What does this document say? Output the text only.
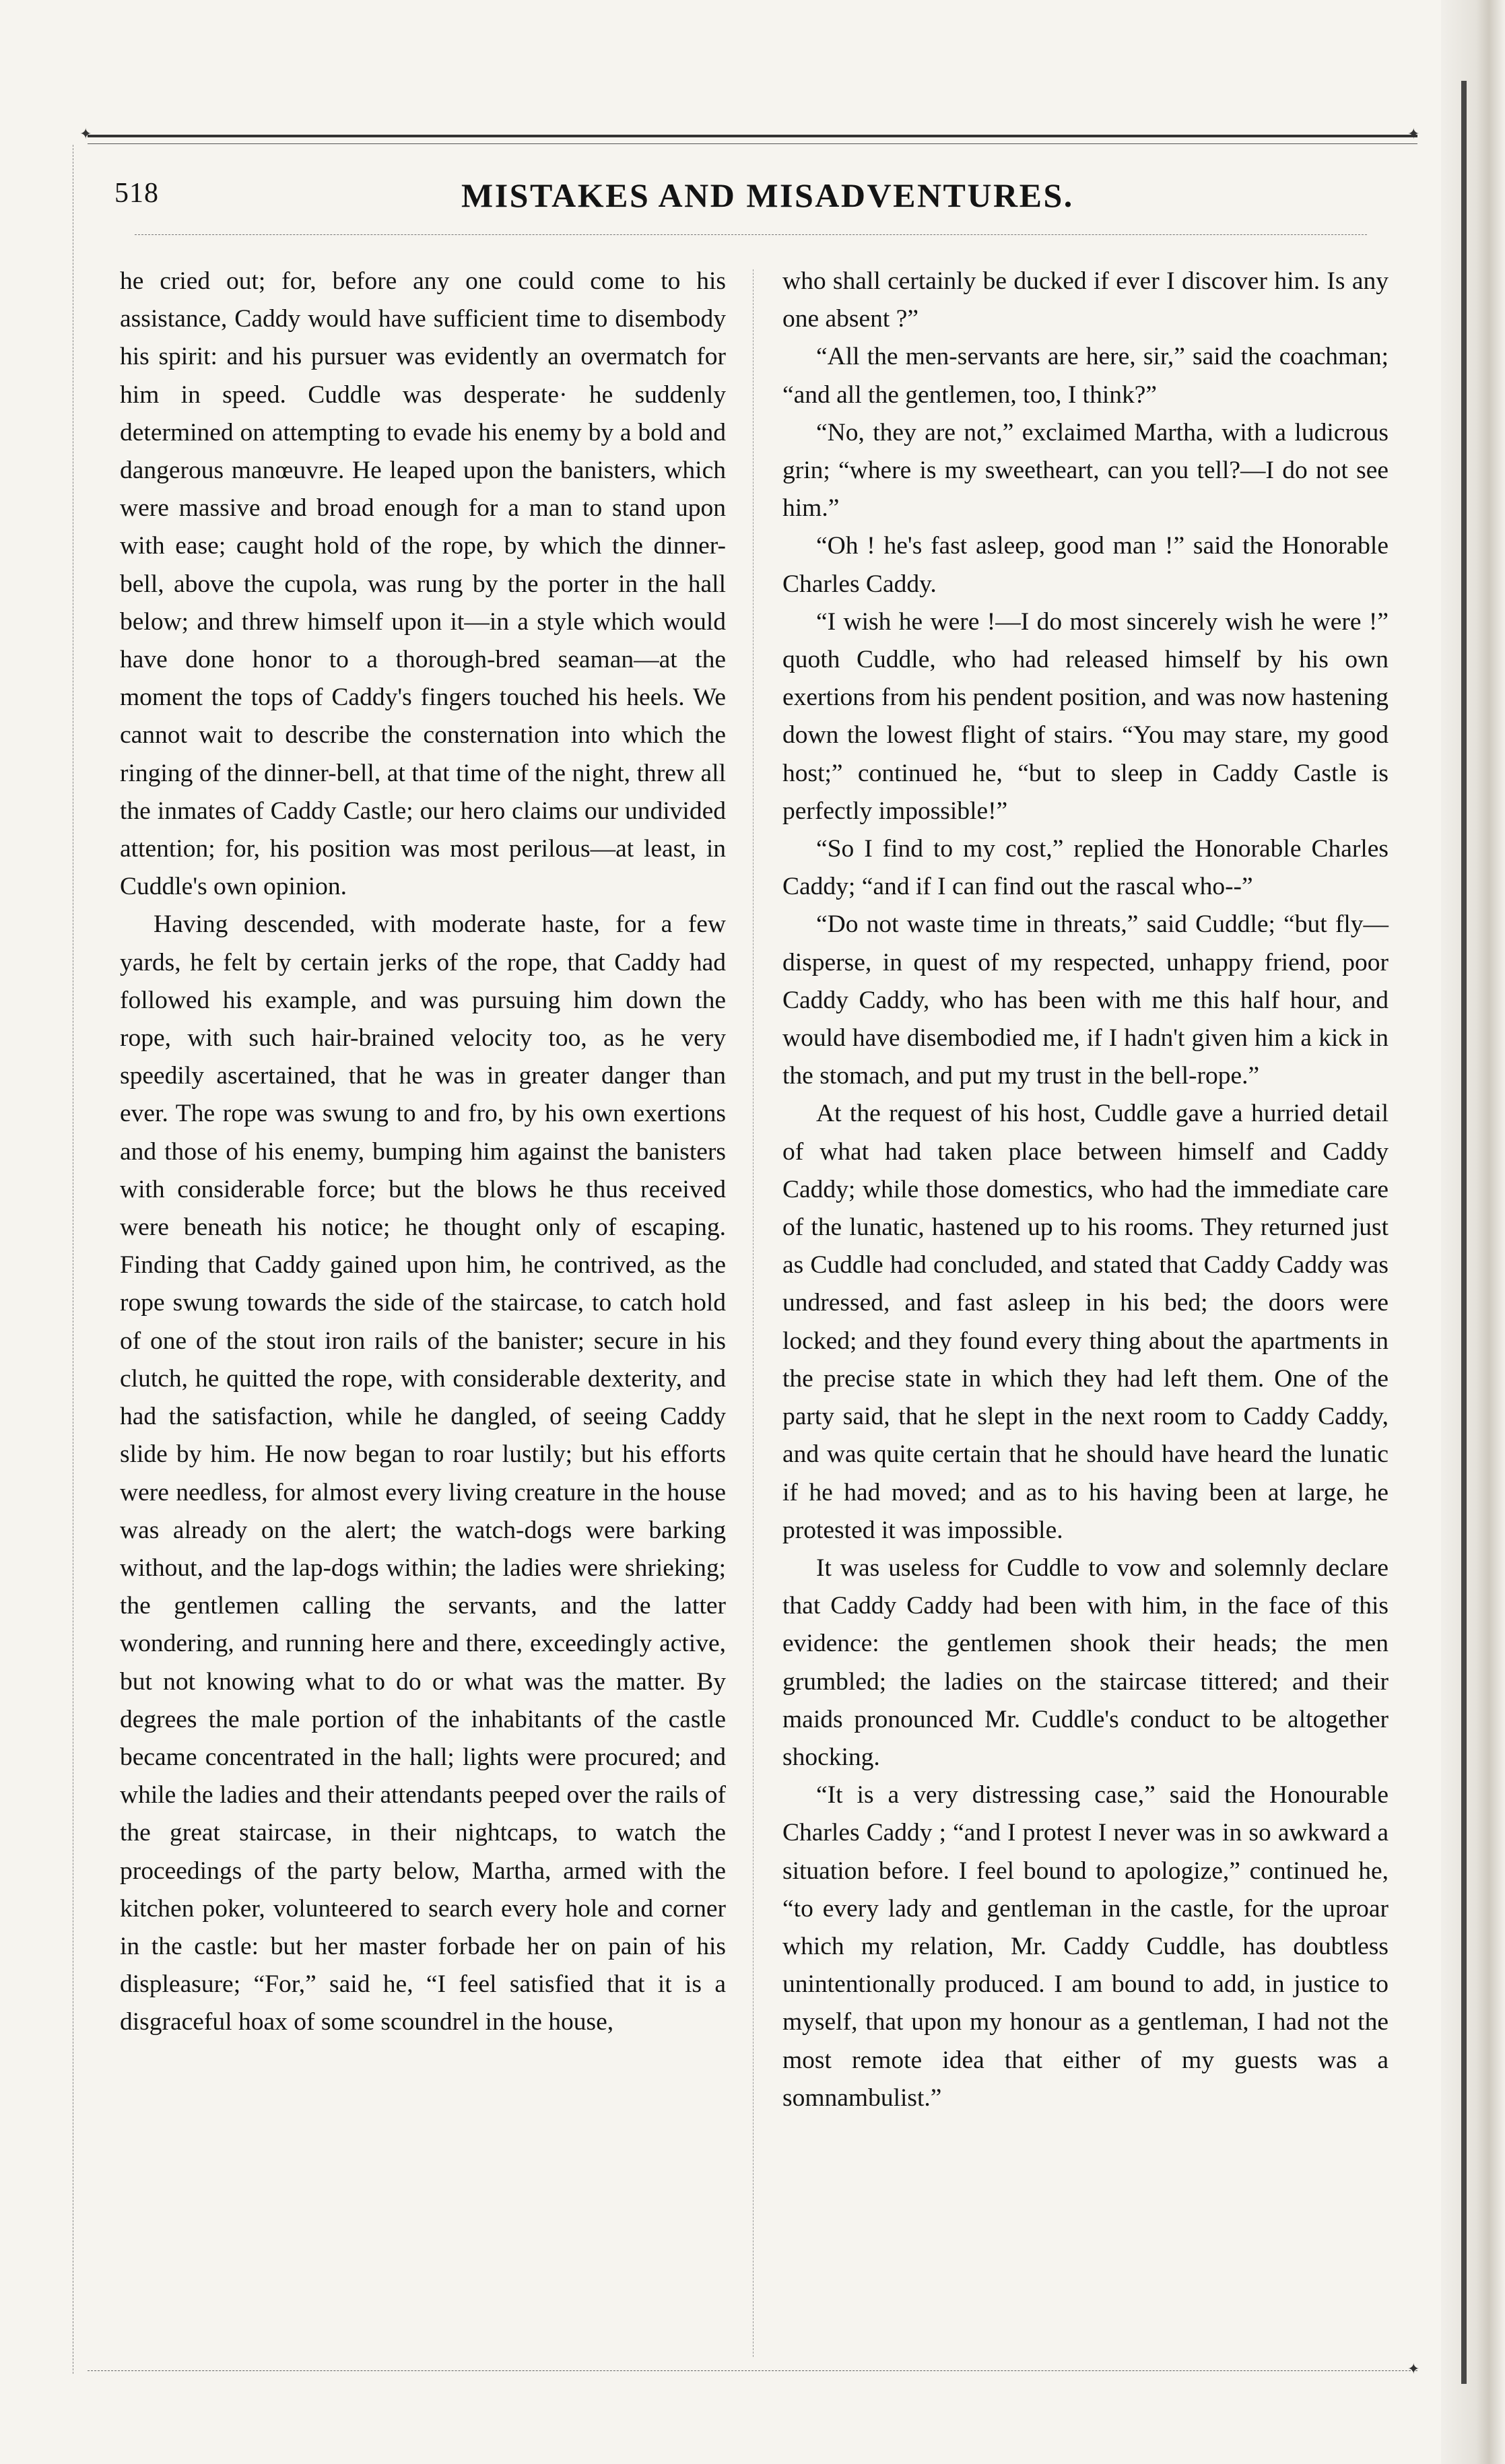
✦	✦
✦
518	MISTAKES AND MISADVENTURES.

he cried out; for, before any one could come to his assistance, Caddy would have sufficient time to disembody his spirit: and his pursuer was evidently an overmatch for him in speed. Cuddle was desperate· he suddenly determined on attempting to evade his enemy by a bold and dangerous manœuvre. He leaped upon the banisters, which were massive and broad enough for a man to stand upon with ease; caught hold of the rope, by which the dinner-bell, above the cupola, was rung by the porter in the hall below; and threw himself upon it—in a style which would have done honor to a thorough-bred seaman—at the moment the tops of Caddy's fingers touched his heels. We cannot wait to describe the consternation into which the ringing of the dinner-bell, at that time of the night, threw all the inmates of Caddy Castle; our hero claims our undivided attention; for, his position was most perilous—at least, in Cuddle's own opinion.

Having descended, with moderate haste, for a few yards, he felt by certain jerks of the rope, that Caddy had followed his example, and was pursuing him down the rope, with such hair-brained velocity too, as he very speedily ascertained, that he was in greater danger than ever. The rope was swung to and fro, by his own exertions and those of his enemy, bumping him against the banisters with considerable force; but the blows he thus received were beneath his notice; he thought only of escaping. Finding that Caddy gained upon him, he contrived, as the rope swung towards the side of the staircase, to catch hold of one of the stout iron rails of the banister; secure in his clutch, he quitted the rope, with considerable dexterity, and had the satisfaction, while he dangled, of seeing Caddy slide by him. He now began to roar lustily; but his efforts were needless, for almost every living creature in the house was already on the alert; the watch-dogs were barking without, and the lap-dogs within; the ladies were shrieking; the gentlemen calling the servants, and the latter wondering, and running here and there, exceedingly active, but not knowing what to do or what was the matter. By degrees the male portion of the inhabitants of the castle became concentrated in the hall; lights were procured; and while the ladies and their attendants peeped over the rails of the great staircase, in their nightcaps, to watch the proceedings of the party below, Martha, armed with the kitchen poker, volunteered to search every hole and corner in the castle: but her master forbade her on pain of his displeasure; “For,” said he, “I feel satisfied that it is a disgraceful hoax of some scoundrel in the house,

who shall certainly be ducked if ever I discover him. Is any one absent ?”

“All the men-servants are here, sir,” said the coachman; “and all the gentlemen, too, I think?”

“No, they are not,” exclaimed Martha, with a ludicrous grin; “where is my sweetheart, can you tell?—I do not see him.”

“Oh ! he's fast asleep, good man !” said the Honorable Charles Caddy.

“I wish he were !—I do most sincerely wish he were !” quoth Cuddle, who had released himself by his own exertions from his pendent position, and was now hastening down the lowest flight of stairs. “You may stare, my good host;” continued he, “but to sleep in Caddy Castle is perfectly impossible!”

“So I find to my cost,” replied the Honorable Charles Caddy; “and if I can find out the rascal who--”

“Do not waste time in threats,” said Cuddle; “but fly—disperse, in quest of my respected, unhappy friend, poor Caddy Caddy, who has been with me this half hour, and would have disembodied me, if I hadn't given him a kick in the stomach, and put my trust in the bell-rope.”

At the request of his host, Cuddle gave a hurried detail of what had taken place between himself and Caddy Caddy; while those domestics, who had the immediate care of the lunatic, hastened up to his rooms. They returned just as Cuddle had concluded, and stated that Caddy Caddy was undressed, and fast asleep in his bed; the doors were locked; and they found every thing about the apartments in the precise state in which they had left them. One of the party said, that he slept in the next room to Caddy Caddy, and was quite certain that he should have heard the lunatic if he had moved; and as to his having been at large, he protested it was impossible.

It was useless for Cuddle to vow and solemnly declare that Caddy Caddy had been with him, in the face of this evidence: the gentlemen shook their heads; the men grumbled; the ladies on the staircase tittered; and their maids pronounced Mr. Cuddle's conduct to be altogether shocking.

“It is a very distressing case,” said the Honourable Charles Caddy ; “and I protest I never was in so awkward a situation before. I feel bound to apologize,” continued he, “to every lady and gentleman in the castle, for the uproar which my relation, Mr. Caddy Cuddle, has doubtless unintentionally produced. I am bound to add, in justice to myself, that upon my honour as a gentleman, I had not the most remote idea that either of my guests was a somnambulist.”
